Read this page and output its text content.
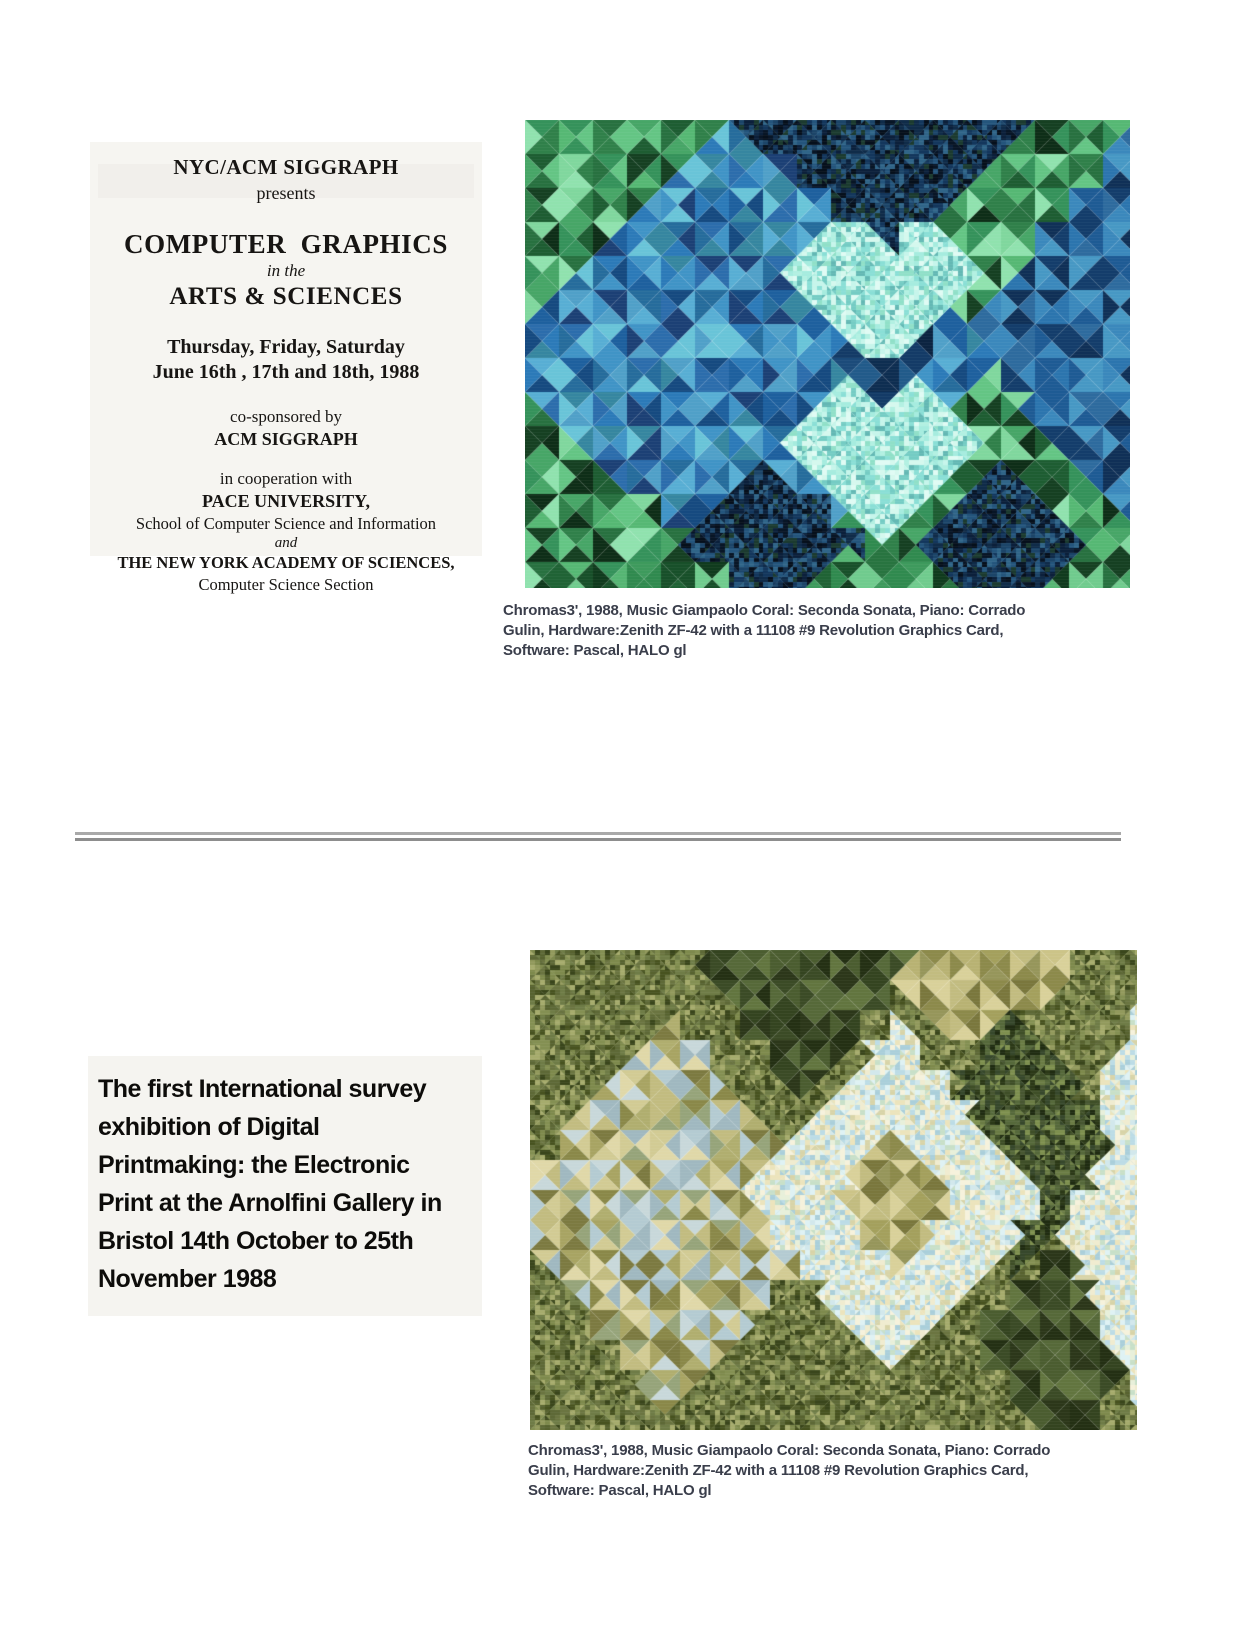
NYC/ACM SIGGRAPH
presents
COMPUTER GRAPHICS
in the
ARTS & SCIENCES
Thursday, Friday, Saturday
June 16th , 17th and 18th, 1988
co-sponsored by
ACM SIGGRAPH
in cooperation with
PACE UNIVERSITY,
School of Computer Science and Information
and
THE NEW YORK ACADEMY OF SCIENCES,
Computer Science Section
Chromas3', 1988, Music Giampaolo Coral: Seconda Sonata, Piano: Corrado
Gulin, Hardware:Zenith ZF-42 with a 11108 #9 Revolution Graphics Card,
Software: Pascal, HALO gl
The first International survey
exhibition of Digital
Printmaking: the Electronic
Print at the Arnolfini Gallery in
Bristol 14th October to 25th
November 1988
Chromas3', 1988, Music Giampaolo Coral: Seconda Sonata, Piano: Corrado
Gulin, Hardware:Zenith ZF-42 with a 11108 #9 Revolution Graphics Card,
Software: Pascal, HALO gl
